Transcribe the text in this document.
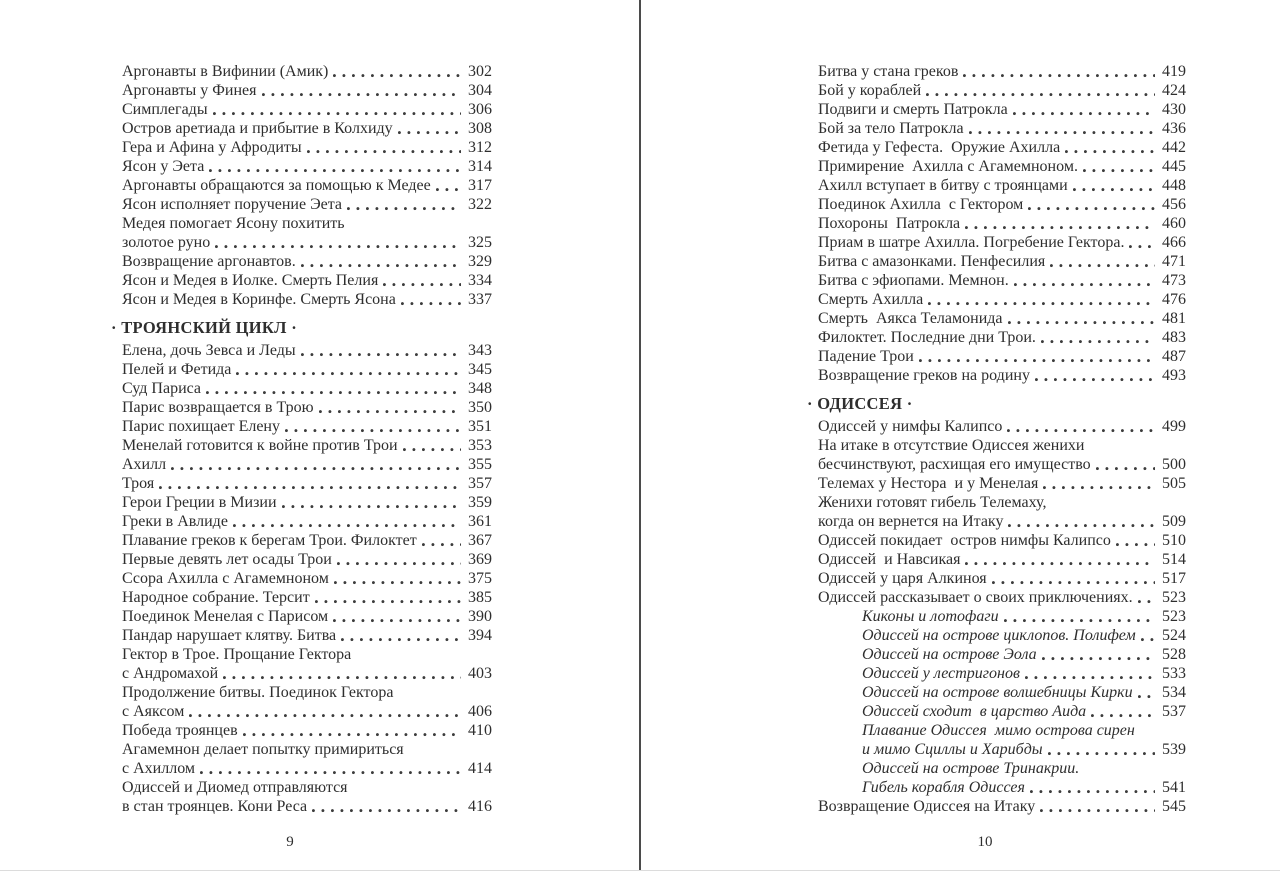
Аргонавты в Вифинии (Амик)	302
Аргонавты у Финея	304
Симплегады	306
Остров аретиада и прибытие в Колхиду	308
Гера и Афина у Афродиты	312
Ясон у Эета	314
Аргонавты обращаются за помощью к Медее 317
Ясон исполняет поручение Эета	322
Медея помогает Ясону похитить
золотое руно	325
Возвращение аргонавтов.	329
Ясон и Медея в Иолке. Смерть Пелия	334
Ясон и Медея в Коринфе. Смерть Ясона	337
· ТРОЯНСКИЙ ЦИКЛ ·
Елена, дочь Зевса и Леды	343
Пелей и Фетида	345
Суд Париса	348
Парис возвращается в Трою	350
Парис похищает Елену	351
Менелай готовится к войне против Трои	353
Ахилл	355
Троя	357
Герои Греции в Мизии	359
Греки в Авлиде	361
Плавание греков к берегам Трои. Филоктет	367
Первые девять лет осады Трои	369
Ссора Ахилла с Агамемноном	375
Народное собрание. Терсит	385
Поединок Менелая с Парисом	390
Пандар нарушает клятву. Битва	394
Гектор в Трое. Прощание Гектора
с Андромахой	403
Продолжение битвы. Поединок Гектора
с Аяксом	406
Победа троянцев	410
Агамемнон делает попытку примириться
с Ахиллом	414
Одиссей и Диомед отправляются
в стан троянцев. Кони Реса	416
Битва у стана греков	419
Бой у кораблей	424
Подвиги и смерть Патрокла	430
Бой за тело Патрокла	436
Фетида у Гефеста.  Оружие Ахилла	442
Примирение  Ахилла с Агамемноном.	445
Ахилл вступает в битву с троянцами	448
Поединок Ахилла  с Гектором	456
Похороны  Патрокла	460
Приам в шатре Ахилла. Погребение Гектора. 466
Битва с амазонками. Пенфесилия	471
Битва с эфиопами. Мемнон.	473
Смерть Ахилла	476
Смерть  Аякса Теламонида	481
Филоктет. Последние дни Трои.	483
Падение Трои	487
Возвращение греков на родину	493
· ОДИССЕЯ ·
Одиссей у нимфы Калипсо	499
На итаке в отсутствие Одиссея женихи
бесчинствуют, расхищая его имущество	500
Телемах у Нестора  и у Менелая	505
Женихи готовят гибель Телемаху,
когда он вернется на Итаку	509
Одиссей покидает  остров нимфы Калипсо	510
Одиссей  и Навсикая	514
Одиссей у царя Алкиноя	517
Одиссей рассказывает о своих приключениях. 523
Киконы и лотофаги	523
Одиссей на острове циклопов. Полифем 524
Одиссей на острове Эола	528
Одиссей у лестригонов	533
Одиссей на острове волшебницы Кирки 534
Одиссей сходит  в царство Аида	537
Плавание Одиссея  мимо острова сирен
и мимо Сциллы и Харибды	539
Одиссей на острове Тринакрии.
Гибель корабля Одиссея	541
Возвращение Одиссея на Итаку	545
9	10
